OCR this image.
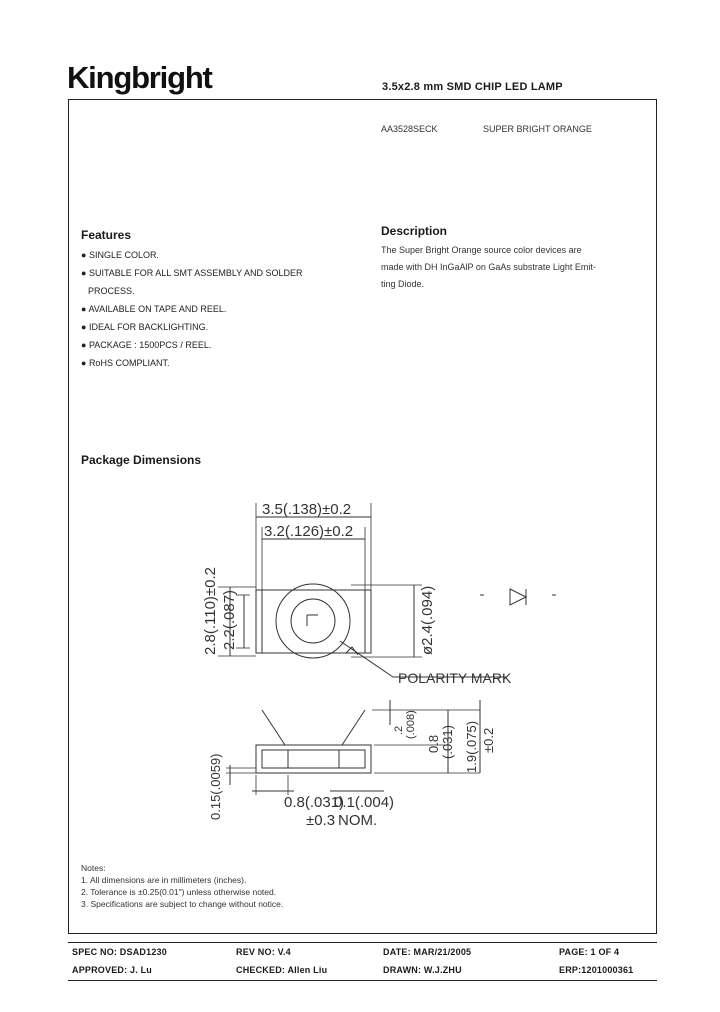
Kingbright	3.5x2.8 mm SMD CHIP LED LAMP
AA3528SECK	SUPER BRIGHT ORANGE
Features
● SINGLE COLOR.
● SUITABLE FOR ALL SMT ASSEMBLY AND SOLDER
PROCESS.
● AVAILABLE ON TAPE AND REEL.
● IDEAL FOR BACKLIGHTING.
● PACKAGE : 1500PCS / REEL.
● RoHS COMPLIANT.
Description
The Super Bright Orange source color devices are
made with DH InGaAlP on GaAs substrate Light Emit-
ting Diode.
Package Dimensions
3.5(.138)±0.2
3.2(.126)±0.2
POLARITY MARK
0.8(.031)
±0.3
0.1(.004)
NOM.
2.8(.110)±0.2 2.2(.087)	ø2.4(.094)
0.15(.0059)
.2 (.008)
0.8 (.031) 1.9(.075) ±0.2
Notes:
1. All dimensions are in millimeters (inches).
2. Tolerance is ±0.25(0.01") unless otherwise noted.
3. Specifications are subject to change without notice.
SPEC NO: DSAD1230	REV NO: V.4	DATE: MAR/21/2005	PAGE: 1 OF 4
APPROVED: J. Lu	CHECKED: Allen Liu	DRAWN: W.J.ZHU	ERP:1201000361
